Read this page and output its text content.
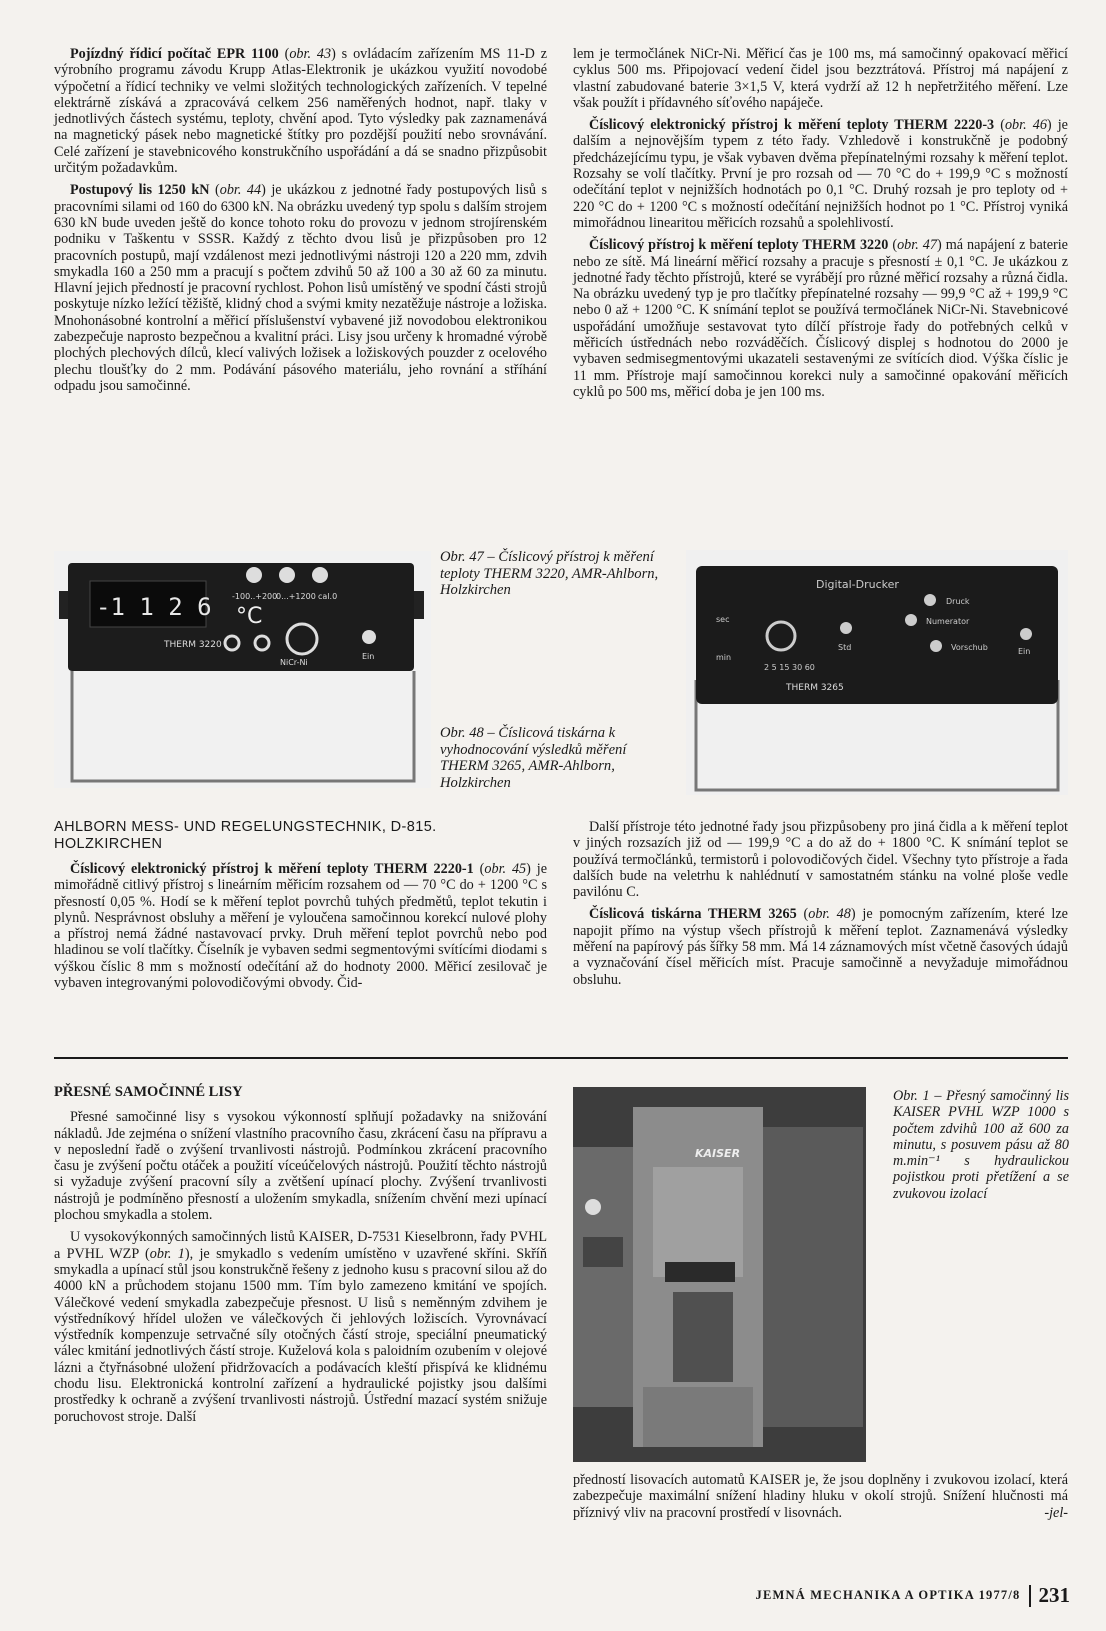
Pojízdný řídicí počítač EPR 1100 (obr. 43) s ovládacím zařízením MS 11-D z výrobního programu závodu Krupp Atlas-Elektronik je ukázkou využití novodobé výpočetní a řídicí techniky ve velmi složitých technologických zařízeních. V tepelné elektrárně získává a zpracovává celkem 256 naměřených hodnot, např. tlaky v jednotlivých částech systému, teploty, chvění apod. Tyto výsledky pak zaznamenává na magnetický pásek nebo magnetické štítky pro pozdější použití nebo srovnávání. Celé zařízení je stavebnicového konstrukčního uspořádání a dá se snadno přizpůsobit určitým požadavkům.

Postupový lis 1250 kN (obr. 44) je ukázkou z jednotné řady postupových lisů s pracovními silami od 160 do 6300 kN. Na obrázku uvedený typ spolu s dalším strojem 630 kN bude uveden ještě do konce tohoto roku do provozu v jednom strojírenském podniku v Taškentu v SSSR. Každý z těchto dvou lisů je přizpůsoben pro 12 pracovních postupů, mají vzdálenost mezi jednotlivými nástroji 120 a 220 mm, zdvih smykadla 160 a 250 mm a pracují s počtem zdvihů 50 až 100 a 30 až 60 za minutu. Hlavní jejich předností je pracovní rychlost. Pohon lisů umístěný ve spodní části strojů poskytuje nízko ležící těžiště, klidný chod a svými kmity nezatěžuje nástroje a ložiska. Mnohonásobné kontrolní a měřicí příslušenství vybavené již novodobou elektronikou zabezpečuje naprosto bezpečnou a kvalitní práci. Lisy jsou určeny k hromadné výrobě plochých plechových dílců, klecí valivých ložisek a ložiskových pouzder z ocelového plechu tloušťky do 2 mm. Podávání pásového materiálu, jeho rovnání a stříhání odpadu jsou samočinné.

lem je termočlánek NiCr-Ni. Měřicí čas je 100 ms, má samočinný opakovací měřicí cyklus 500 ms. Připojovací vedení čidel jsou bezztrátová. Přístroj má napájení z vlastní zabudované baterie 3×1,5 V, která vydrží až 12 h nepřetržitého měření. Lze však použít i přídavného síťového napáječe.

Číslicový elektronický přístroj k měření teploty THERM 2220-3 (obr. 46) je dalším a nejnovějším typem z této řady. Vzhledově i konstrukčně je podobný předcházejícímu typu, je však vybaven dvěma přepínatelnými rozsahy k měření teplot. Rozsahy se volí tlačítky. První je pro rozsah od — 70 °C do + 199,9 °C s možností odečítání teplot v nejnižších hodnotách po 0,1 °C. Druhý rozsah je pro teploty od + 220 °C do + 1200 °C s možností odečítání nejnižších hodnot po 1 °C. Přístroj vyniká mimořádnou linearitou měřicích rozsahů a spolehlivostí.

Číslicový přístroj k měření teploty THERM 3220 (obr. 47) má napájení z baterie nebo ze sítě. Má lineární měřicí rozsahy a pracuje s přesností ± 0,1 °C. Je ukázkou z jednotné řady těchto přístrojů, které se vyrábějí pro různé měřicí rozsahy a různá čidla. Na obrázku uvedený typ je pro tlačítky přepínatelné rozsahy — 99,9 °C až + 199,9 °C nebo 0 až + 1200 °C. K snímání teplot se používá termočlánek NiCr-Ni. Stavebnicové uspořádání umožňuje sestavovat tyto dílčí přístroje řady do potřebných celků v měřicích ústřednách nebo rozváděčích. Číslicový displej s hodnotou do 2000 je vybaven sedmisegmentovými ukazateli sestavenými ze svítících diod. Výška číslic je 11 mm. Přístroje mají samočinnou korekci nuly a samočinné opakování měřicích cyklů po 500 ms, měřicí doba je jen 100 ms.

-1 1 2 6	-100..+200
0...+1200 cal.0
°C
THERM 3220
NiCr-Ni
Ein
Obr. 47 – Číslicový přístroj k měření teploty THERM 3220, AMR-Ahlborn, Holzkirchen
Obr. 48 – Číslicová tiskárna k vyhodnocování výsledků měření THERM 3265, AMR-Ahlborn, Holzkirchen
Digital-Drucker
sec
min
2 5 15 30 60
Std
Numerator
Druck
Vorschub	Ein
THERM 3265

AHLBORN MESS- UND REGELUNGSTECHNIK, D-815. HOLZKIRCHEN

Číslicový elektronický přístroj k měření teploty THERM 2220-1 (obr. 45) je mimořádně citlivý přístroj s lineárním měřicím rozsahem od — 70 °C do + 1200 °C s přesností 0,05 %. Hodí se k měření teplot povrchů tuhých předmětů, teplot tekutin i plynů. Nesprávnost obsluhy a měření je vyloučena samočinnou korekcí nulové plohy a přístroj nemá žádné nastavovací prvky. Druh měření teplot povrchů nebo pod hladinou se volí tlačítky. Číselník je vybaven sedmi segmentovými svítícími diodami s výškou číslic 8 mm s možností odečítání až do hodnoty 2000. Měřicí zesilovač je vybaven integrovanými polovodičovými obvody. Čid-

Další přístroje této jednotné řady jsou přizpůsobeny pro jiná čidla a k měření teplot v jiných rozsazích již od — 199,9 °C a do až do + 1800 °C. K snímání teplot se používá termočlánků, termistorů i polovodičových čidel. Všechny tyto přístroje a řada dalších bude na veletrhu k nahlédnutí v samostatném stánku na volné ploše vedle pavilónu C.

Číslicová tiskárna THERM 3265 (obr. 48) je pomocným zařízením, které lze napojit přímo na výstup všech přístrojů k měření teplot. Zaznamenává výsledky měření na papírový pás šířky 58 mm. Má 14 záznamových míst včetně časových údajů a vyznačování čísel měřicích míst. Pracuje samočinně a nevyžaduje mimořádnou obsluhu.

PŘESNÉ SAMOČINNÉ LISY

Přesné samočinné lisy s vysokou výkonností splňují požadavky na snižování nákladů. Jde zejména o snížení vlastního pracovního času, zkrácení času na přípravu a v neposlední řadě o zvýšení trvanlivosti nástrojů. Podmínkou zkrácení pracovního času je zvýšení počtu otáček a použití víceúčelových nástrojů. Použití těchto nástrojů si vyžaduje zvýšení pracovní síly a zvětšení upínací plochy. Zvýšení trvanlivosti nástrojů je podmíněno přesností a uložením smykadla, snížením chvění mezi upínací plochou smykadla a stolem.

U vysokovýkonných samočinných listů KAISER, D-7531 Kieselbronn, řady PVHL a PVHL WZP (obr. 1), je smykadlo s vedením umístěno v uzavřené skříni. Skříň smykadla a upínací stůl jsou konstrukčně řešeny z jednoho kusu s pracovní silou až do 4000 kN a průchodem stojanu 1500 mm. Tím bylo zamezeno kmitání ve spojích. Válečkové vedení smykadla zabezpečuje přesnost. U lisů s neměnným zdvihem je výstředníkový hřídel uložen ve válečkových či jehlových ložiscích. Vyrovnávací výstředník kompenzuje setrvačné síly otočných částí stroje, speciální pneumatický válec kmitání jednotlivých částí stroje. Kuželová kola s paloidním ozubením v olejové lázni a čtyřnásobné uložení přidržovacích a podávacích kleští přispívá ke klidnému chodu lisu. Elektronická kontrolní zařízení a hydraulické pojistky jsou dalšími prostředky k ochraně a zvýšení trvanlivosti nástrojů. Ústřední mazací systém snižuje poruchovost stroje. Další

KAISER
Obr. 1 – Přesný samočinný lis KAISER PVHL WZP 1000 s počtem zdvihů 100 až 600 za minutu, s posuvem pásu až 80 m.min⁻¹ s hydraulickou pojistkou proti přetížení a se zvukovou izolací

předností lisovacích automatů KAISER je, že jsou doplněny i zvukovou izolací, která zabezpečuje maximální snížení hladiny hluku v okolí strojů. Snížení hlučnosti má příznivý vliv na pracovní prostředí v lisovnách.	-jel-

JEMNÁ MECHANIKA A OPTIKA 1977/8 231
